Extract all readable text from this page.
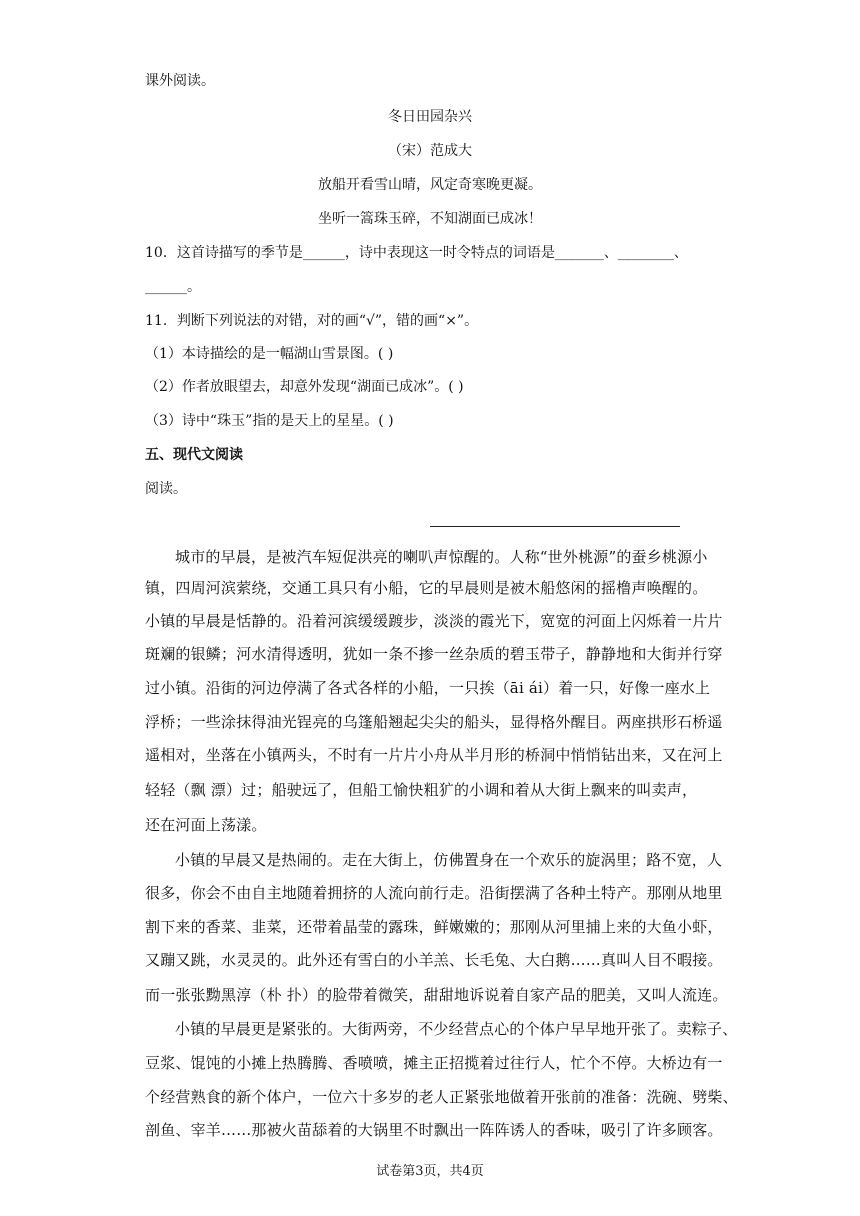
课外阅读。
冬日田园杂兴
（宋）范成大
放船开看雪山晴，风定奇寒晚更凝。
坐听一篙珠玉碎，不知湖面已成冰！
10．这首诗描写的季节是______，诗中表现这一时令特点的词语是_______、________、
______。
11．判断下列说法的对错，对的画“√”，错的画“×”。
（1）本诗描绘的是一幅湖山雪景图。( )
（2）作者放眼望去，却意外发现“湖面已成冰”。( )
（3）诗中“珠玉”指的是天上的星星。( )
五、现代文阅读
阅读。
城市的早晨，是被汽车短促洪亮的喇叭声惊醒的。人称“世外桃源”的蚕乡桃源小
镇，四周河滨萦绕，交通工具只有小船，它的早晨则是被木船悠闲的摇橹声唤醒的。
小镇的早晨是恬静的。沿着河滨缓缓踱步，淡淡的霞光下，宽宽的河面上闪烁着一片片
斑斓的银鳞；河水清得透明，犹如一条不掺一丝杂质的碧玉带子，静静地和大街并行穿
过小镇。沿街的河边停满了各式各样的小船，一只挨（āi ái）着一只，好像一座水上
浮桥；一些涂抹得油光锃亮的乌篷船翘起尖尖的船头，显得格外醒目。两座拱形石桥遥
遥相对，坐落在小镇两头，不时有一片片小舟从半月形的桥洞中悄悄钻出来，又在河上
轻轻（飘 漂）过；船驶远了，但船工愉快粗犷的小调和着从大街上飘来的叫卖声，
还在河面上荡漾。
小镇的早晨又是热闹的。走在大街上，仿佛置身在一个欢乐的旋涡里；路不宽，人
很多，你会不由自主地随着拥挤的人流向前行走。沿街摆满了各种土特产。那刚从地里
割下来的香菜、韭菜，还带着晶莹的露珠，鲜嫩嫩的；那刚从河里捕上来的大鱼小虾，
又蹦又跳，水灵灵的。此外还有雪白的小羊羔、长毛兔、大白鹅……真叫人目不暇接。
而一张张黝黑淳（朴 扑）的脸带着微笑，甜甜地诉说着自家产品的肥美，又叫人流连。
小镇的早晨更是紧张的。大街两旁，不少经营点心的个体户早早地开张了。卖粽子、
豆浆、馄饨的小摊上热腾腾、香喷喷，摊主正招揽着过往行人，忙个不停。大桥边有一
个经营熟食的新个体户，一位六十多岁的老人正紧张地做着开张前的准备：洗碗、劈柴、
剖鱼、宰羊……那被火苗舔着的大锅里不时飘出一阵阵诱人的香味，吸引了许多顾客。
试卷第3页，共4页
